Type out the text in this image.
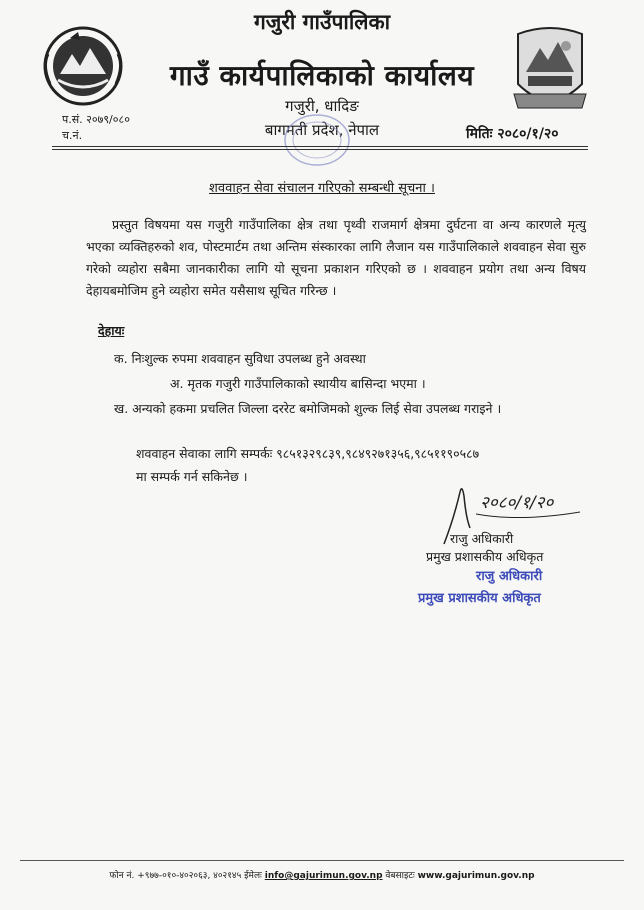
गजुरी गाउँपालिका
गाउँ कार्यपालिकाको कार्यालय
गजुरी, धादिङ
बागमती प्रदेश, नेपाल
प.सं. २०७९/०८०
च.नं.	मितिः २०८०/१/२०
शववाहन सेवा संचालन गरिएको सम्बन्धी सूचना ।

प्रस्तुत विषयमा यस गजुरी गाउँपालिका क्षेत्र तथा पृथ्वी राजमार्ग क्षेत्रमा दुर्घटना वा अन्य कारणले मृत्यु भएका व्यक्तिहरुको शव, पोस्टमार्टम तथा अन्तिम संस्कारका लागि लैजान यस गाउँपालिकाले शववाहन सेवा सुरु गरेको व्यहोरा सबैमा जानकारीका लागि यो सूचना प्रकाशन गरिएको छ । शववाहन प्रयोग तथा अन्य विषय देहायबमोजिम हुने व्यहोरा समेत यसैसाथ सूचित गरिन्छ ।

देहायः
क. निःशुल्क रुपमा शववाहन सुविधा उपलब्ध हुने अवस्था
अ. मृतक गजुरी गाउँपालिकाको स्थायीय बासिन्दा भएमा ।
ख. अन्यको हकमा प्रचलित जिल्ला दररेट बमोजिमको शुल्क लिई सेवा उपलब्ध गराइने ।
शववाहन सेवाका लागि सम्पर्कः ९८५१३२९८३९,९८४९२७१३५६,९८५११९०५८७
मा सम्पर्क गर्न सकिनेछ ।
२०८०/१/२०
राजु अधिकारी
प्रमुख प्रशासकीय अधिकृत
राजु अधिकारी
प्रमुख प्रशासकीय अधिकृत
फोन नं. +९७७-०१०-४०२०६३, ४०२१४५ ईमेलः info@gajurimun.gov.np वेबसाइटः www.gajurimun.gov.np
